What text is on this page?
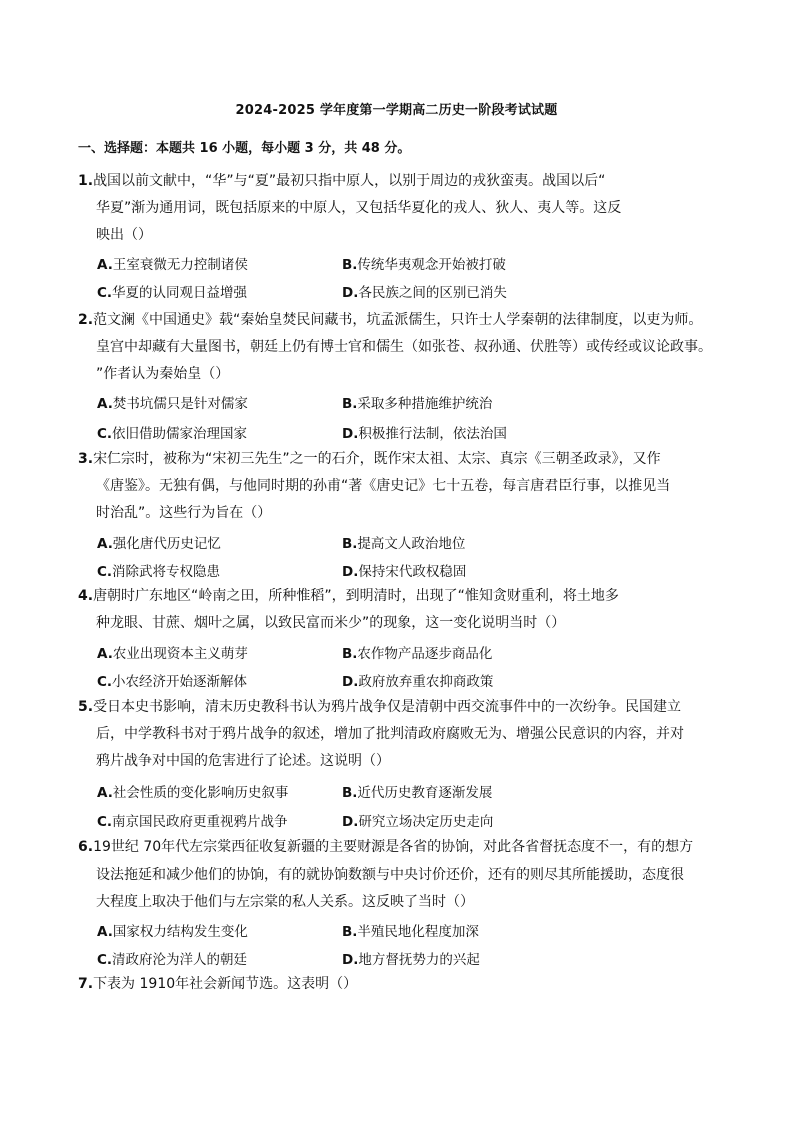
2024-2025 学年度第一学期高二历史一阶段考试试题
一、选择题：本题共 16 小题，每小题 3 分，共 48 分。
1.战国以前文献中，“华”与“夏”最初只指中原人，以别于周边的戎狄蛮夷。战国以后“
华夏”渐为通用词，既包括原来的中原人，又包括华夏化的戎人、狄人、夷人等。这反
映出（）
A.王室衰微无力控制诸侯	B.传统华夷观念开始被打破
C.华夏的认同观日益增强	D.各民族之间的区别已消失
2.范文澜《中国通史》载“秦始皇焚民间藏书，坑孟派儒生，只许士人学秦朝的法律制度，以吏为师。
皇宫中却藏有大量图书，朝廷上仍有博士官和儒生（如张苍、叔孙通、伏胜等）或传经或议论政事。
”作者认为秦始皇（）
A.焚书坑儒只是针对儒家	B.采取多种措施维护统治
C.依旧借助儒家治理国家	D.积极推行法制，依法治国
3.宋仁宗时，被称为“宋初三先生”之一的石介，既作宋太祖、太宗、真宗《三朝圣政录》，又作
《唐鉴》。无独有偶，与他同时期的孙甫“著《唐史记》七十五卷，每言唐君臣行事，以推见当
时治乱”。这些行为旨在（）
A.强化唐代历史记忆	B.提高文人政治地位
C.消除武将专权隐患	D.保持宋代政权稳固
4.唐朝时广东地区“岭南之田，所种惟稻”，到明清时，出现了“惟知贪财重利，将土地多
种龙眼、甘蔗、烟叶之属，以致民富而米少”的现象，这一变化说明当时（）
A.农业出现资本主义萌芽	B.农作物产品逐步商品化
C.小农经济开始逐渐解体	D.政府放弃重农抑商政策
5.受日本史书影响，清末历史教科书认为鸦片战争仅是清朝中西交流事件中的一次纷争。民国建立
后，中学教科书对于鸦片战争的叙述，增加了批判清政府腐败无为、增强公民意识的内容，并对
鸦片战争对中国的危害进行了论述。这说明（）
A.社会性质的变化影响历史叙事	B.近代历史教育逐渐发展
C.南京国民政府更重视鸦片战争	D.研究立场决定历史走向
6.19世纪 70年代左宗棠西征收复新疆的主要财源是各省的协饷，对此各省督抚态度不一，有的想方
设法拖延和减少他们的协饷，有的就协饷数额与中央讨价还价，还有的则尽其所能援助，态度很
大程度上取决于他们与左宗棠的私人关系。这反映了当时（）
A.国家权力结构发生变化	B.半殖民地化程度加深
C.清政府沦为洋人的朝廷	D.地方督抚势力的兴起
7.下表为 1910年社会新闻节选。这表明（）
